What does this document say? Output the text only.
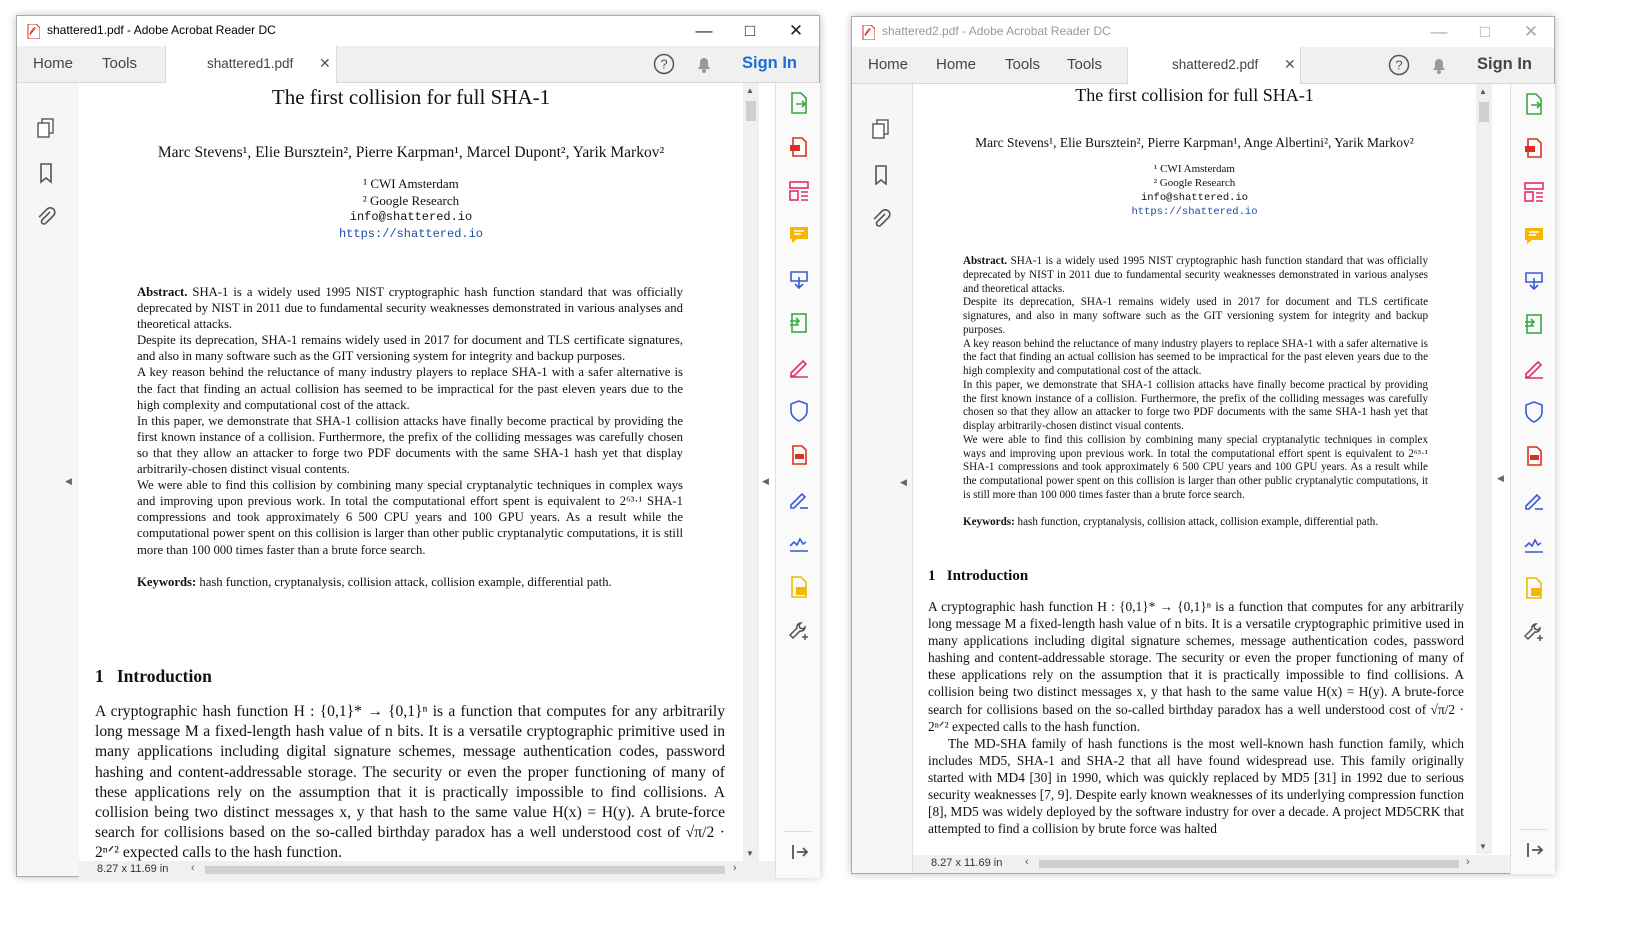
shattered1.pdf - Adobe Acrobat Reader DC	—	□	✕
Home Tools	shattered1.pdf ✕	?	Sign In
◀
The first collision for full SHA-1
Marc Stevens¹, Elie Bursztein², Pierre Karpman¹, Marcel Dupont², Yarik Markov²
¹ CWI Amsterdam
² Google Research
info@shattered.io
https://shattered.io

Abstract. SHA-1 is a widely used 1995 NIST cryptographic hash function standard that was officially deprecated by NIST in 2011 due to fundamental security weaknesses demonstrated in various analyses and theoretical attacks.

Despite its deprecation, SHA-1 remains widely used in 2017 for document and TLS certificate signatures, and also in many software such as the GIT versioning system for integrity and backup purposes.

A key reason behind the reluctance of many industry players to replace SHA-1 with a safer alternative is the fact that finding an actual collision has seemed to be impractical for the past eleven years due to the high complexity and computational cost of the attack.

In this paper, we demonstrate that SHA-1 collision attacks have finally become practical by providing the first known instance of a collision. Furthermore, the prefix of the colliding messages was carefully chosen so that they allow an attacker to forge two PDF documents with the same SHA-1 hash yet that display arbitrarily-chosen distinct visual contents.

We were able to find this collision by combining many special cryptanalytic techniques in complex ways and improving upon previous work. In total the computational effort spent is equivalent to 2⁶³·¹ SHA-1 compressions and took approximately 6 500 CPU years and 100 GPU years. As a result while the computational power spent on this collision is larger than other public cryptanalytic computations, it is still more than 100 000 times faster than a brute force search.

Keywords: hash function, cryptanalysis, collision attack, collision example, differential path.

1 Introduction

A cryptographic hash function H : {0,1}* → {0,1}ⁿ is a function that computes for any arbitrarily long message M a fixed-length hash value of n bits. It is a versatile cryptographic primitive used in many applications including digital signature schemes, message authentication codes, password hashing and content-addressable storage. The security or even the proper functioning of many of these applications rely on the assumption that it is practically impossible to find collisions. A collision being two distinct messages x, y that hash to the same value H(x) = H(y). A brute-force search for collisions based on the so-called birthday paradox has a well understood cost of √π/2 · 2ⁿᐟ² expected calls to the hash function.

▲
▼
◀
8.27 x 11.69 in ‹	›
shattered2.pdf - Adobe Acrobat Reader DC	—	□	✕
Home Home Tools Tools	shattered2.pdf ✕	?	Sign In
◀
The first collision for full SHA-1
Marc Stevens¹, Elie Bursztein², Pierre Karpman¹, Ange Albertini², Yarik Markov²
¹ CWI Amsterdam
² Google Research
info@shattered.io
https://shattered.io

Abstract. SHA-1 is a widely used 1995 NIST cryptographic hash function standard that was officially deprecated by NIST in 2011 due to fundamental security weaknesses demonstrated in various analyses and theoretical attacks.

Despite its deprecation, SHA-1 remains widely used in 2017 for document and TLS certificate signatures, and also in many software such as the GIT versioning system for integrity and backup purposes.

A key reason behind the reluctance of many industry players to replace SHA-1 with a safer alternative is the fact that finding an actual collision has seemed to be impractical for the past eleven years due to the high complexity and computational cost of the attack.

In this paper, we demonstrate that SHA-1 collision attacks have finally become practical by providing the first known instance of a collision. Furthermore, the prefix of the colliding messages was carefully chosen so that they allow an attacker to forge two PDF documents with the same SHA-1 hash yet that display arbitrarily-chosen distinct visual contents.

We were able to find this collision by combining many special cryptanalytic techniques in complex ways and improving upon previous work. In total the computational effort spent is equivalent to 2⁶³·¹ SHA-1 compressions and took approximately 6 500 CPU years and 100 GPU years. As a result while the computational power spent on this collision is larger than other public cryptanalytic computations, it is still more than 100 000 times faster than a brute force search.

Keywords: hash function, cryptanalysis, collision attack, collision example, differential path.

1 Introduction

A cryptographic hash function H : {0,1}* → {0,1}ⁿ is a function that computes for any arbitrarily long message M a fixed-length hash value of n bits. It is a versatile cryptographic primitive used in many applications including digital signature schemes, message authentication codes, password hashing and content-addressable storage. The security or even the proper functioning of many of these applications rely on the assumption that it is practically impossible to find collisions. A collision being two distinct messages x, y that hash to the same value H(x) = H(y). A brute-force search for collisions based on the so-called birthday paradox has a well understood cost of √π/2 · 2ⁿᐟ² expected calls to the hash function.

The MD-SHA family of hash functions is the most well-known hash function family, which includes MD5, SHA-1 and SHA-2 that all have found widespread use. This family originally started with MD4 [30] in 1990, which was quickly replaced by MD5 [31] in 1992 due to serious security weaknesses [7, 9]. Despite early known weaknesses of its underlying compression function [8], MD5 was widely deployed by the software industry for over a decade. A project MD5CRK that attempted to find a collision by brute force was halted

▲
▼
◀
8.27 x 11.69 in ‹	›
